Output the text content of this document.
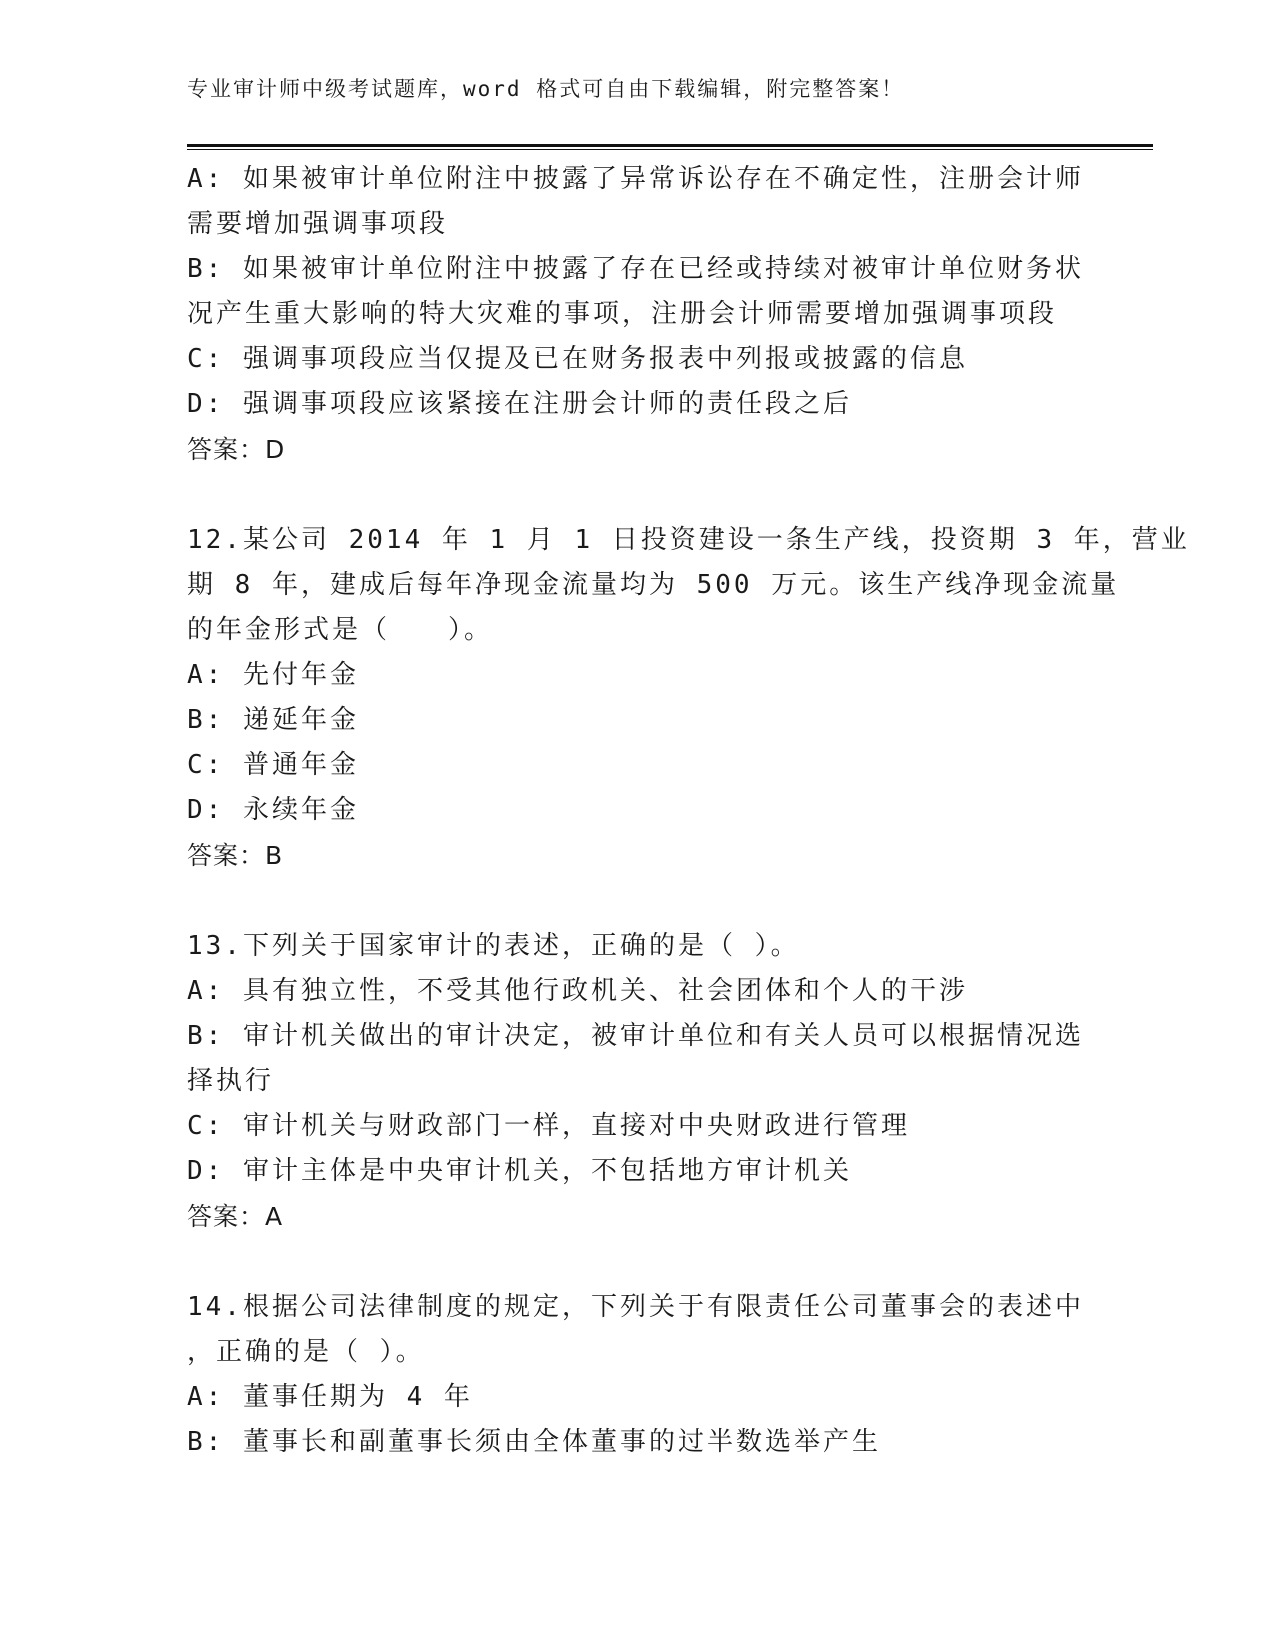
专业审计师中级考试题库，word 格式可自由下载编辑，附完整答案！
A: 如果被审计单位附注中披露了异常诉讼存在不确定性，注册会计师
需要增加强调事项段
B: 如果被审计单位附注中披露了存在已经或持续对被审计单位财务状
况产生重大影响的特大灾难的事项，注册会计师需要增加强调事项段
C: 强调事项段应当仅提及已在财务报表中列报或披露的信息
D: 强调事项段应该紧接在注册会计师的责任段之后
答案：D
12.某公司 2014 年 1 月 1 日投资建设一条生产线，投资期 3 年，营业
期 8 年，建成后每年净现金流量均为 500 万元。该生产线净现金流量
的年金形式是（　　）。
A: 先付年金
B: 递延年金
C: 普通年金
D: 永续年金
答案：B
13.下列关于国家审计的表述，正确的是（ ）。
A: 具有独立性，不受其他行政机关、社会团体和个人的干涉
B: 审计机关做出的审计决定，被审计单位和有关人员可以根据情况选
择执行
C: 审计机关与财政部门一样，直接对中央财政进行管理
D: 审计主体是中央审计机关，不包括地方审计机关
答案：A
14.根据公司法律制度的规定，下列关于有限责任公司董事会的表述中
，正确的是（ ）。
A: 董事任期为 4 年
B: 董事长和副董事长须由全体董事的过半数选举产生
